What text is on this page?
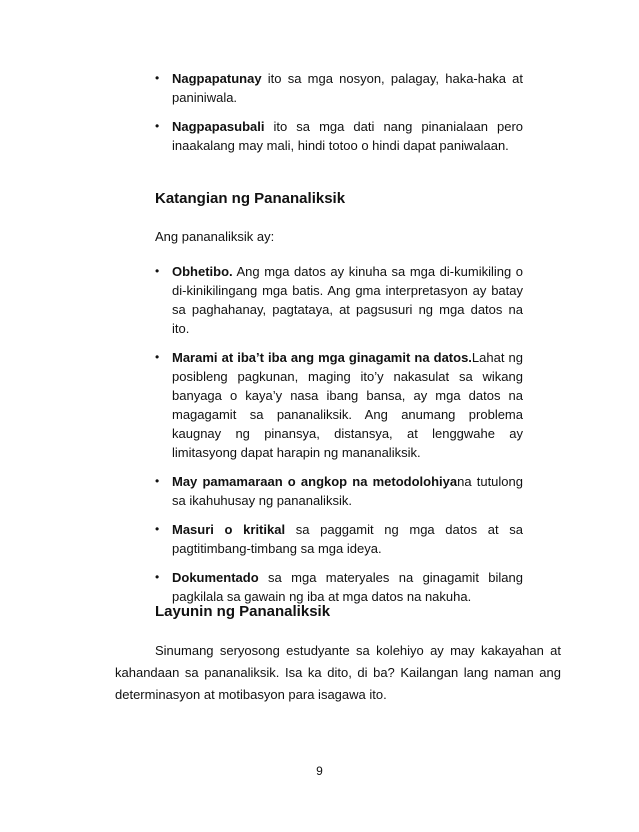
• Nagpapatunay ito sa mga nosyon, palagay, haka-haka at paniniwala.
• Nagpapasubali ito sa mga dati nang pinanialaan pero inaakalang may mali, hindi totoo o hindi dapat paniwalaan.
Katangian ng Pananaliksik

Ang pananaliksik ay:

• Obhetibo. Ang mga datos ay kinuha sa mga di-kumikiling o di-kinikilingang mga batis. Ang gma interpretasyon ay batay sa paghahanay, pagtataya, at pagsusuri ng mga datos na ito.
• Marami at iba’t iba ang mga ginagamit na datos.Lahat ng posibleng pagkunan, maging ito’y nakasulat sa wikang banyaga o kaya’y nasa ibang bansa, ay mga datos na magagamit sa pananaliksik. Ang anumang problema kaugnay ng pinansya, distansya, at lenggwahe ay limitasyong dapat harapin ng mananaliksik.
• May pamamaraan o angkop na metodolohiyana tutulong sa ikahuhusay ng pananaliksik.
• Masuri o kritikal sa paggamit ng mga datos at sa pagtitimbang-timbang sa mga ideya.
• Dokumentado sa mga materyales na ginagamit bilang pagkilala sa gawain ng iba at mga datos na nakuha.
Layunin ng Pananaliksik

Sinumang seryosong estudyante sa kolehiyo ay may kakayahan at kahandaan sa pananaliksik. Isa ka dito, di ba? Kailangan lang naman ang determinasyon at motibasyon para isagawa ito.

9
